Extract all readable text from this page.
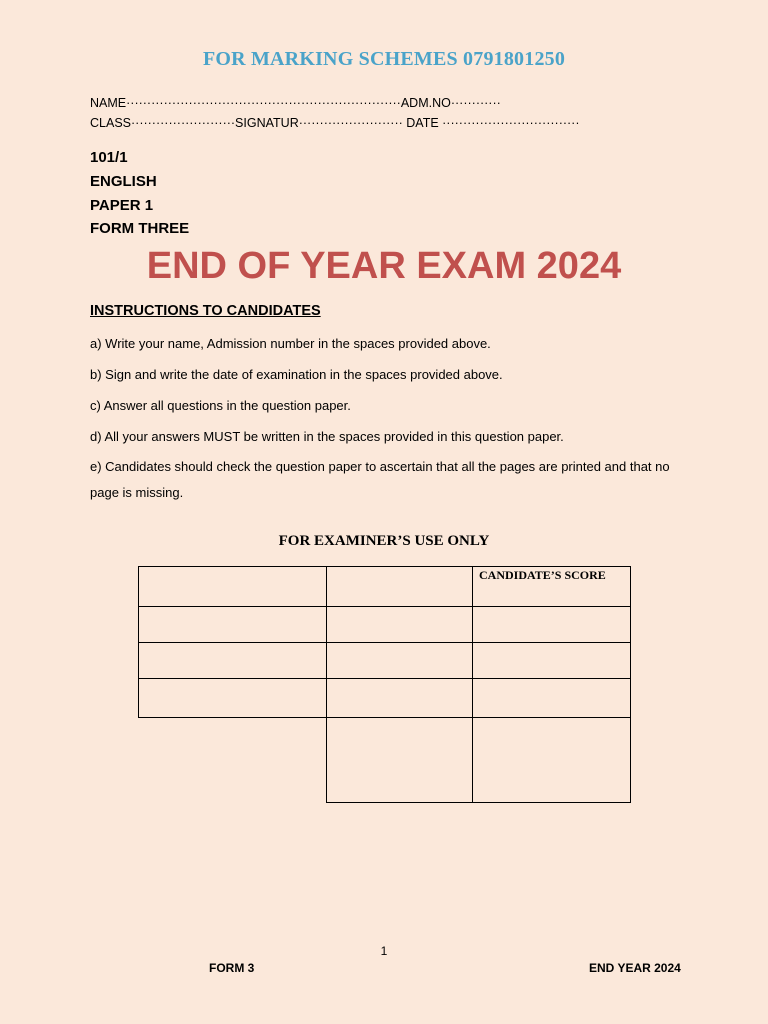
FOR MARKING SCHEMES 0791801250
NAME··································································ADM.NO············
CLASS·························SIGNATUR························· DATE ·································
101/1
ENGLISH
PAPER 1
FORM THREE
END OF YEAR EXAM 2024
INSTRUCTIONS TO CANDIDATES
a) Write your name, Admission number in the spaces provided above.
b) Sign and write the date of examination in the spaces provided above.
c) Answer all questions in the question paper.
d) All your answers MUST be written in the spaces provided in this question paper.
e) Candidates should check the question paper to ascertain that all the pages are printed and that no page is missing.
FOR EXAMINER’S USE ONLY
CANDIDATE’S SCORE
1
FORM 3	END YEAR 2024
